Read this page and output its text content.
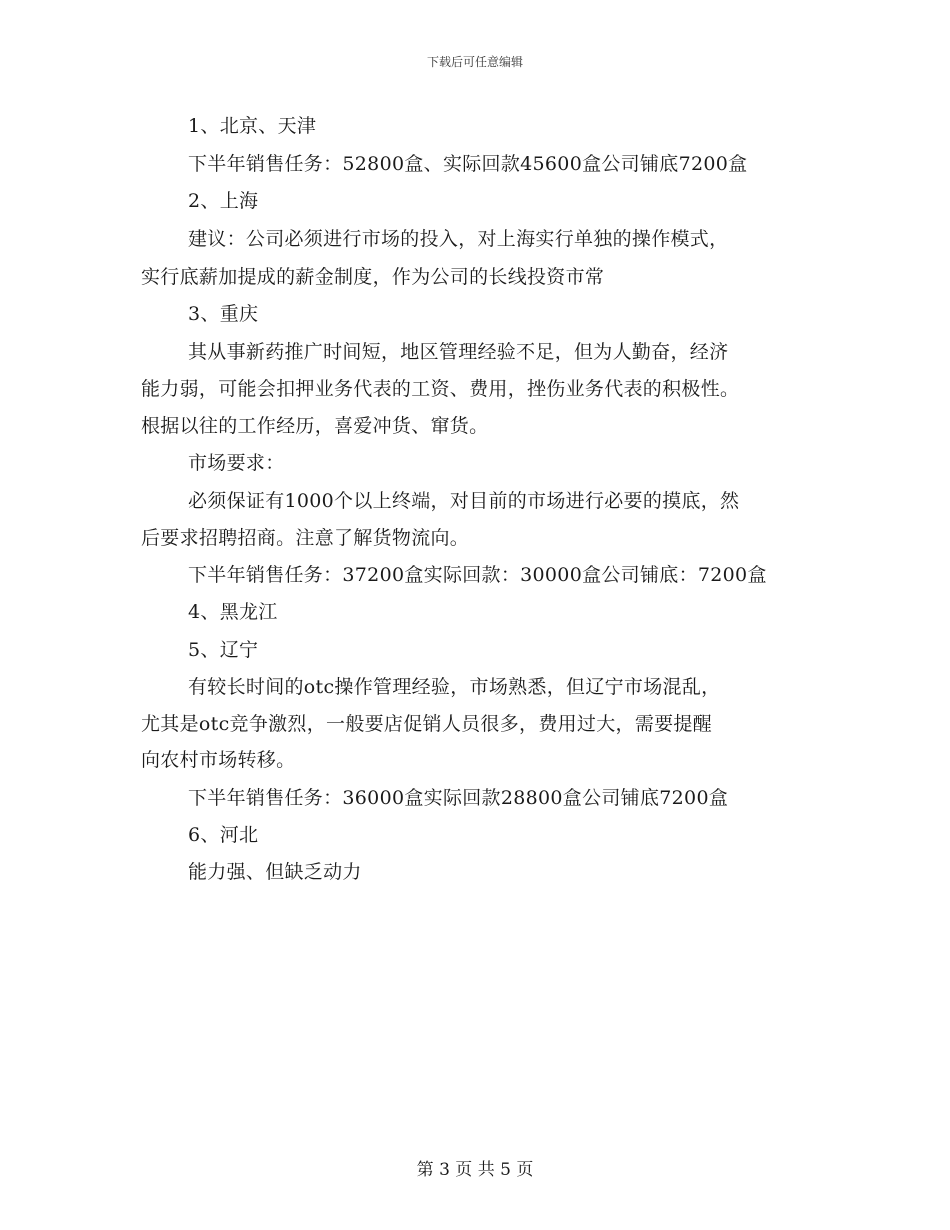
下载后可任意编辑
1、北京、天津
下半年销售任务：52800盒、实际回款45600盒公司铺底7200盒
2、上海
建议：公司必须进行市场的投入，对上海实行单独的操作模式，
实行底薪加提成的薪金制度，作为公司的长线投资市常
3、重庆
其从事新药推广时间短，地区管理经验不足，但为人勤奋，经济
能力弱，可能会扣押业务代表的工资、费用，挫伤业务代表的积极性。
根据以往的工作经历，喜爱冲货、窜货。
市场要求：
必须保证有1000个以上终端，对目前的市场进行必要的摸底，然
后要求招聘招商。注意了解货物流向。
下半年销售任务：37200盒实际回款：30000盒公司铺底：7200盒
4、黑龙江
5、辽宁
有较长时间的otc操作管理经验，市场熟悉，但辽宁市场混乱，
尤其是otc竞争激烈，一般要店促销人员很多，费用过大，需要提醒
向农村市场转移。
下半年销售任务：36000盒实际回款28800盒公司铺底7200盒
6、河北
能力强、但缺乏动力
第 3 页 共 5 页
